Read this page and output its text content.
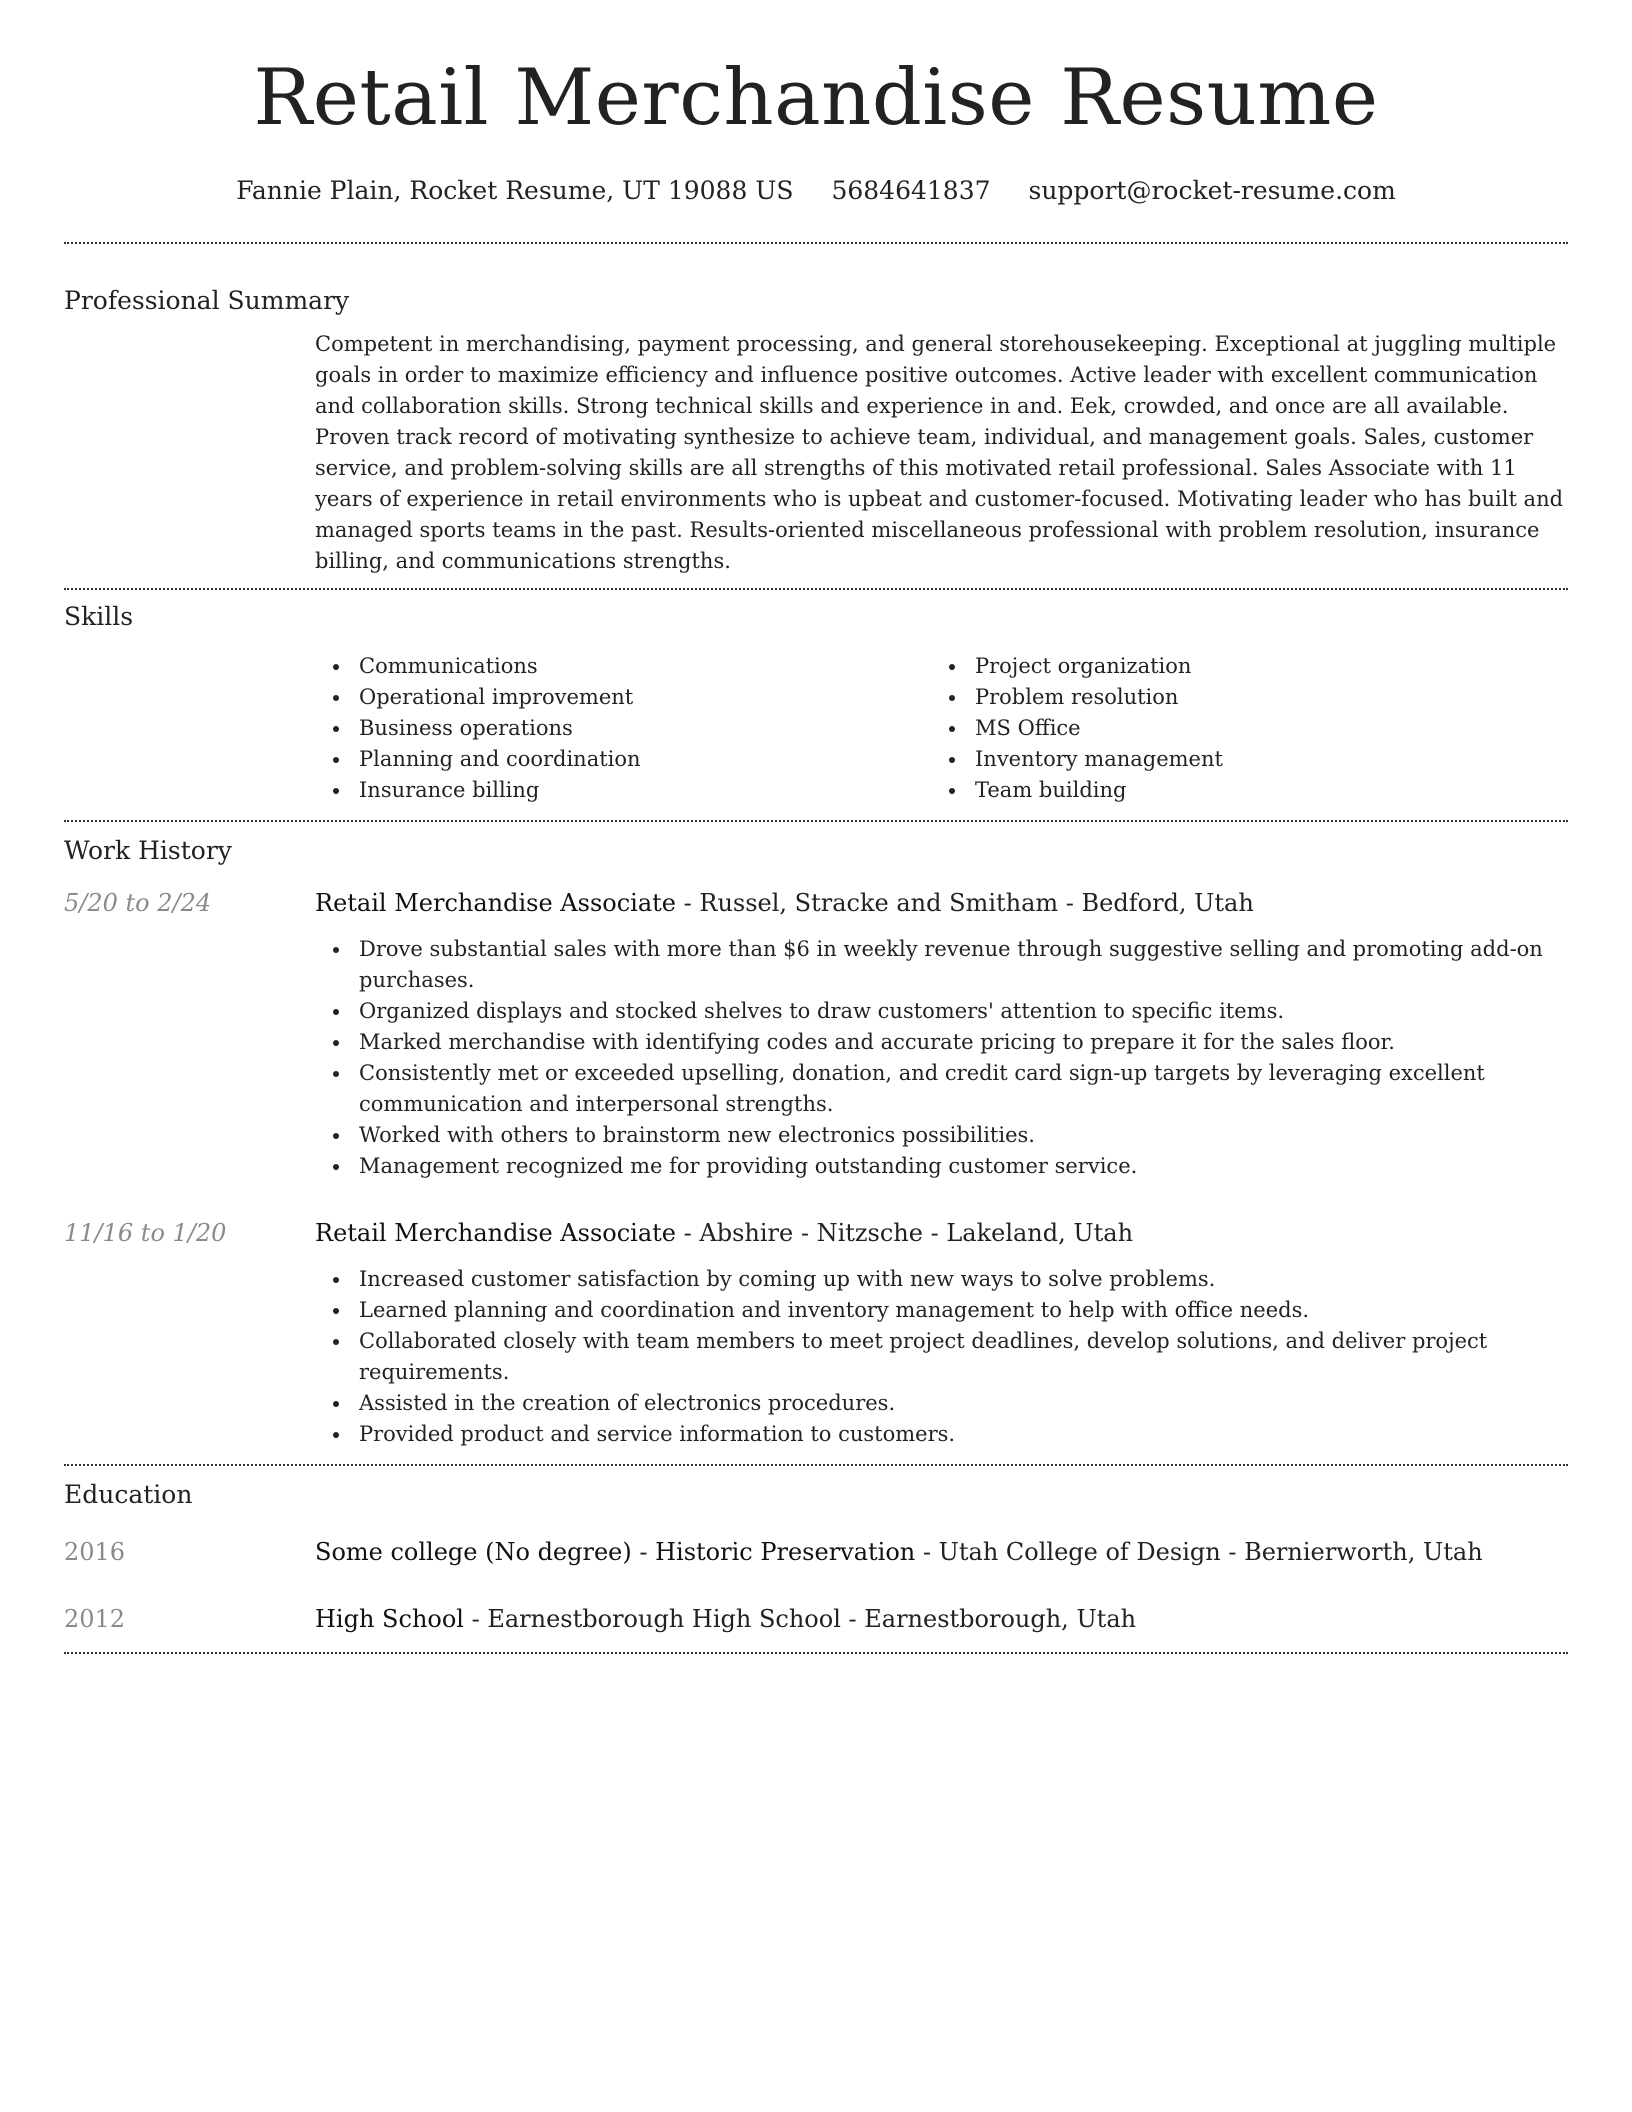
Retail Merchandise Resume
Fannie Plain, Rocket Resume, UT 19088 US 5684641837 support@rocket-resume.com
Professional Summary

Competent in merchandising, payment processing, and general storehousekeeping. Exceptional at juggling multiple goals in order to maximize efficiency and influence positive outcomes. Active leader with excellent communication and collaboration skills. Strong technical skills and experience in and. Eek, crowded, and once are all available. Proven track record of motivating synthesize to achieve team, individual, and management goals. Sales, customer service, and problem-solving skills are all strengths of this motivated retail professional. Sales Associate with 11 years of experience in retail environments who is upbeat and customer-focused. Motivating leader who has built and managed sports teams in the past. Results-oriented miscellaneous professional with problem resolution, insurance billing, and communications strengths.

Skills
Communications
Operational improvement
Business operations
Planning and coordination
Insurance billing
Project organization
Problem resolution
MS Office
Inventory management
Team building
Work History
5/20 to 2/24	Retail Merchandise Associate - Russel, Stracke and Smitham - Bedford, Utah
Drove substantial sales with more than $6 in weekly revenue through suggestive selling and promoting add-on purchases.
Organized displays and stocked shelves to draw customers' attention to specific items.
Marked merchandise with identifying codes and accurate pricing to prepare it for the sales floor.
Consistently met or exceeded upselling, donation, and credit card sign-up targets by leveraging excellent communication and interpersonal strengths.
Worked with others to brainstorm new electronics possibilities.
Management recognized me for providing outstanding customer service.
11/16 to 1/20	Retail Merchandise Associate - Abshire - Nitzsche - Lakeland, Utah
Increased customer satisfaction by coming up with new ways to solve problems.
Learned planning and coordination and inventory management to help with office needs.
Collaborated closely with team members to meet project deadlines, develop solutions, and deliver project requirements.
Assisted in the creation of electronics procedures.
Provided product and service information to customers.
Education
2016	Some college (No degree) - Historic Preservation - Utah College of Design - Bernierworth, Utah
2012	High School - Earnestborough High School - Earnestborough, Utah
